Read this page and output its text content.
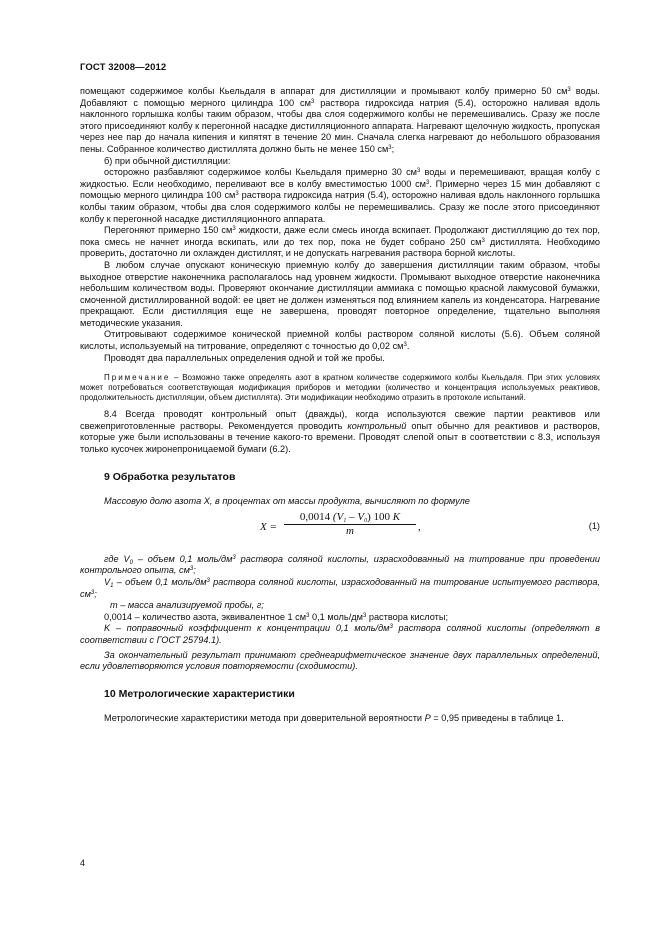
ГОСТ 32008—2012

помещают содержимое колбы Кьельдаля в аппарат для дистилляции и промывают колбу примерно 50 $см^3$ воды. Добавляют с помощью мерного цилиндра 100 $см^3$ раствора гидроксида натрия (5.4), осторожно наливая вдоль наклонного горлышка колбы таким образом, чтобы два слоя содержимого колбы не перемешивались. Сразу же после этого присоединяют колбу к перегонной насадке дистилляционного аппарата. Нагревают щелочную жидкость, пропуская через нее пар до начала кипения и кипятят в течение 20 мин. Сначала слегка нагревают до небольшого образования пены. Собранное количество дистиллята должно быть не менее 150 $см^3$;

б) при обычной дистилляции:

осторожно разбавляют содержимое колбы Кьельдаля примерно 30 $см^3$ воды и перемешивают, вращая колбу с жидкостью. Если необходимо, переливают все в колбу вместимостью 1000 $см^3$. Примерно через 15 мин добавляют с помощью мерного цилиндра 100 $см^3$ раствора гидроксида натрия (5.4), осторожно наливая вдоль наклонного горлышка колбы таким образом, чтобы два слоя содержимого колбы не перемешивались. Сразу же после этого присоединяют колбу к перегонной насадке дистилляционного аппарата.

Перегоняют примерно 150 $см^3$ жидкости, даже если смесь иногда вскипает. Продолжают дистилляцию до тех пор, пока смесь не начнет иногда вскипать, или до тех пор, пока не будет собрано 250 $см^3$ дистиллята. Необходимо проверить, достаточно ли охлажден дистиллят, и не допускать нагревания раствора борной кислоты.

В любом случае опускают коническую приемную колбу до завершения дистилляции таким образом, чтобы выходное отверстие наконечника располагалось над уровнем жидкости. Промывают выходное отверстие наконечника небольшим количеством воды. Проверяют окончание дистилляции аммиака с помощью красной лакмусовой бумажки, смоченной дистиллированной водой: ее цвет не должен изменяться под влиянием капель из конденсатора. Нагревание прекращают. Если дистилляция еще не завершена, проводят повторное определение, тщательно выполняя методические указания.

Отитровывают содержимое конической приемной колбы раствором соляной кислоты (5.6). Объем соляной кислоты, используемый на титрование, определяют с точностью до 0,02 $см^3$.

Проводят два параллельных определения одной и той же пробы.

Примечание – Возможно также определять азот в кратном количестве содержимого колбы Кьельдаля. При этих условиях может потребоваться соответствующая модификация приборов и методики (количество и концентрация используемых реактивов, продолжительность дистилляции, объем дистиллята). Эти модификации необходимо отразить в протоколе испытаний.

8.4 Всегда проводят контрольный опыт (дважды), когда используются свежие партии реактивов или свежеприготовленные растворы. Рекомендуется проводить контрольный опыт обычно для реактивов и растворов, которые уже были использованы в течение какого-то времени. Проводят слепой опыт в соответствии с 8.3, используя только кусочек жиронепроницаемой бумаги (6.2).

9 Обработка результатов

Массовую долю азота X, в процентах от массы продукта, вычисляют по формуле

$X = \frac{0,0014 (V_1 - V_0) 100 K}{m}$ ,	(1)

где $V_0$ – объем 0,1 моль/$дм^3$ раствора соляной кислоты, израсходованный на титрование при проведении контрольного опыта, $см^3$;

$V_1$ – объем 0,1 моль/$дм^3$ раствора соляной кислоты, израсходованный на титрование испытуемого раствора, $см^3$;

m – масса анализируемой пробы, г;

0,0014 – количество азота, эквивалентное 1 $см^3$ 0,1 моль/$дм^3$ раствора кислоты;

K – поправочный коэффициент к концентрации 0,1 моль/$дм^3$ раствора соляной кислоты (определяют в соответствии с ГОСТ 25794.1).

За окончательный результат принимают среднеарифметическое значение двух параллельных определений, если удовлетворяются условия повторяемости (сходимости).

10 Метрологические характеристики

Метрологические характеристики метода при доверительной вероятности P = 0,95 приведены в таблице 1.

4
